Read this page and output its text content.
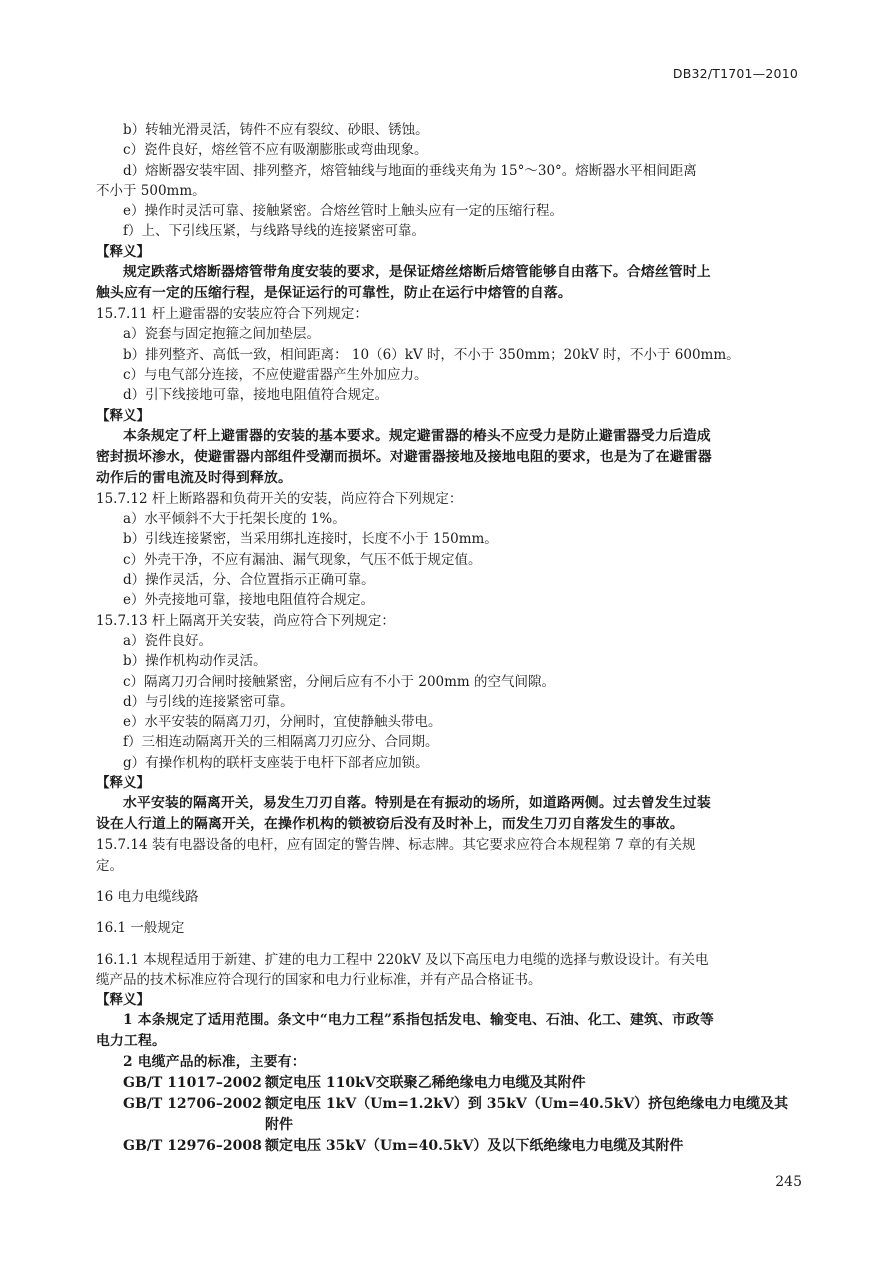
DB32/T1701—2010
b）转轴光滑灵活，铸件不应有裂纹、砂眼、锈蚀。
c）瓷件良好，熔丝管不应有吸潮膨胀或弯曲现象。
d）熔断器安装牢固、排列整齐，熔管轴线与地面的垂线夹角为 15°～30°。熔断器水平相间距离
不小于 500mm。
e）操作时灵活可靠、接触紧密。合熔丝管时上触头应有一定的压缩行程。
f）上、下引线压紧，与线路导线的连接紧密可靠。
【释义】
规定跌落式熔断器熔管带角度安装的要求，是保证熔丝熔断后熔管能够自由落下。合熔丝管时上
触头应有一定的压缩行程，是保证运行的可靠性，防止在运行中熔管的自落。
15.7.11 杆上避雷器的安装应符合下列规定：
a）瓷套与固定抱箍之间加垫层。
b）排列整齐、高低一致，相间距离： 10（6）kV 时，不小于 350mm；20kV 时，不小于 600mm。
c）与电气部分连接，不应使避雷器产生外加应力。
d）引下线接地可靠，接地电阻值符合规定。
【释义】
本条规定了杆上避雷器的安装的基本要求。规定避雷器的椿头不应受力是防止避雷器受力后造成
密封损坏渗水，使避雷器内部组件受潮而损坏。对避雷器接地及接地电阻的要求，也是为了在避雷器
动作后的雷电流及时得到释放。
15.7.12 杆上断路器和负荷开关的安装，尚应符合下列规定：
a）水平倾斜不大于托架长度的 1%。
b）引线连接紧密，当采用绑扎连接时，长度不小于 150mm。
c）外壳干净，不应有漏油、漏气现象，气压不低于规定值。
d）操作灵活，分、合位置指示正确可靠。
e）外壳接地可靠，接地电阻值符合规定。
15.7.13 杆上隔离开关安装，尚应符合下列规定：
a）瓷件良好。
b）操作机构动作灵活。
c）隔离刀刃合闸时接触紧密，分闸后应有不小于 200mm 的空气间隙。
d）与引线的连接紧密可靠。
e）水平安装的隔离刀刃，分闸时，宜使静触头带电。
f）三相连动隔离开关的三相隔离刀刃应分、合同期。
g）有操作机构的联杆支座装于电杆下部者应加锁。
【释义】
水平安装的隔离开关，易发生刀刃自落。特别是在有振动的场所，如道路两侧。过去曾发生过装
设在人行道上的隔离开关，在操作机构的锁被窃后没有及时补上，而发生刀刃自落发生的事故。
15.7.14 装有电器设备的电杆，应有固定的警告牌、标志牌。其它要求应符合本规程第 7 章的有关规
定。
16 电力电缆线路
16.1 一般规定
16.1.1 本规程适用于新建、扩建的电力工程中 220kV 及以下高压电力电缆的选择与敷设设计。有关电
缆产品的技术标准应符合现行的国家和电力行业标准，并有产品合格证书。
【释义】
1 本条规定了适用范围。条文中“电力工程”系指包括发电、输变电、石油、化工、建筑、市政等
电力工程。
2 电缆产品的标准，主要有：
GB/T 11017–2002 额定电压 110kV交联聚乙稀绝缘电力电缆及其附件
GB/T 12706–2002 额定电压 1kV（Um=1.2kV）到 35kV（Um=40.5kV）挤包绝缘电力电缆及其附件
GB/T 12976–2008 额定电压 35kV（Um=40.5kV）及以下纸绝缘电力电缆及其附件
245
